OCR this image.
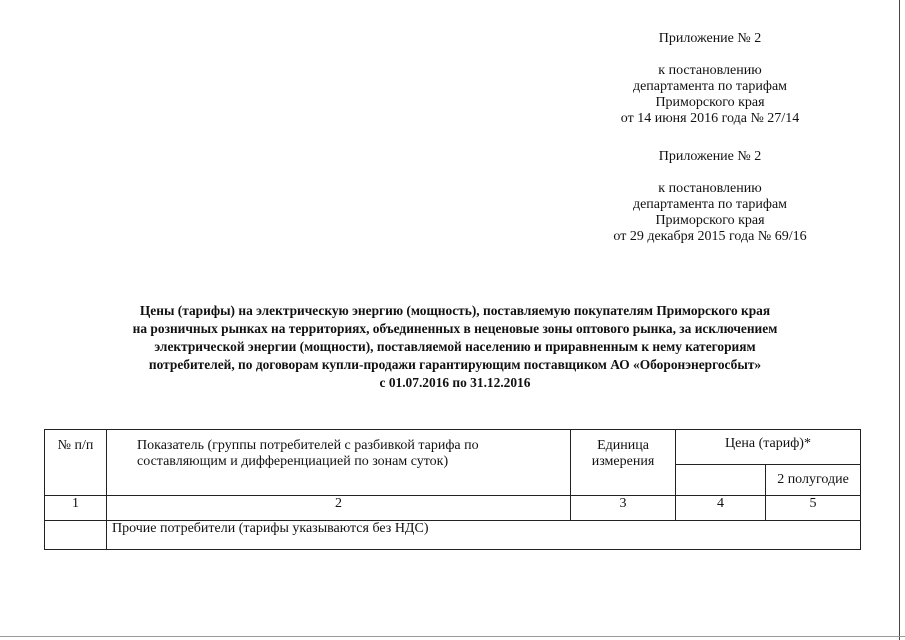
Приложение № 2
к постановлению
департамента по тарифам
Приморского края
от 14 июня 2016 года № 27/14
Приложение № 2
к постановлению
департамента по тарифам
Приморского края
от 29 декабря 2015 года № 69/16
Цены (тарифы) на электрическую энергию (мощность), поставляемую покупателям Приморского края
на розничных рынках на территориях, объединенных в неценовые зоны оптового рынка, за исключением
электрической энергии (мощности), поставляемой населению и приравненным к нему категориям
потребителей, по договорам купли-продажи гарантирующим поставщиком АО «Оборонэнергосбыт»
с 01.07.2016 по 31.12.2016
№ п/п	Показатель (группы потребителей с разбивкой тарифа по составляющим и дифференциацией по зонам суток)	Единица измерения	Цена (тариф)*	
				2 полугодие
1	2	3	4	5
	Прочие потребители (тарифы указываются без НДС)			
